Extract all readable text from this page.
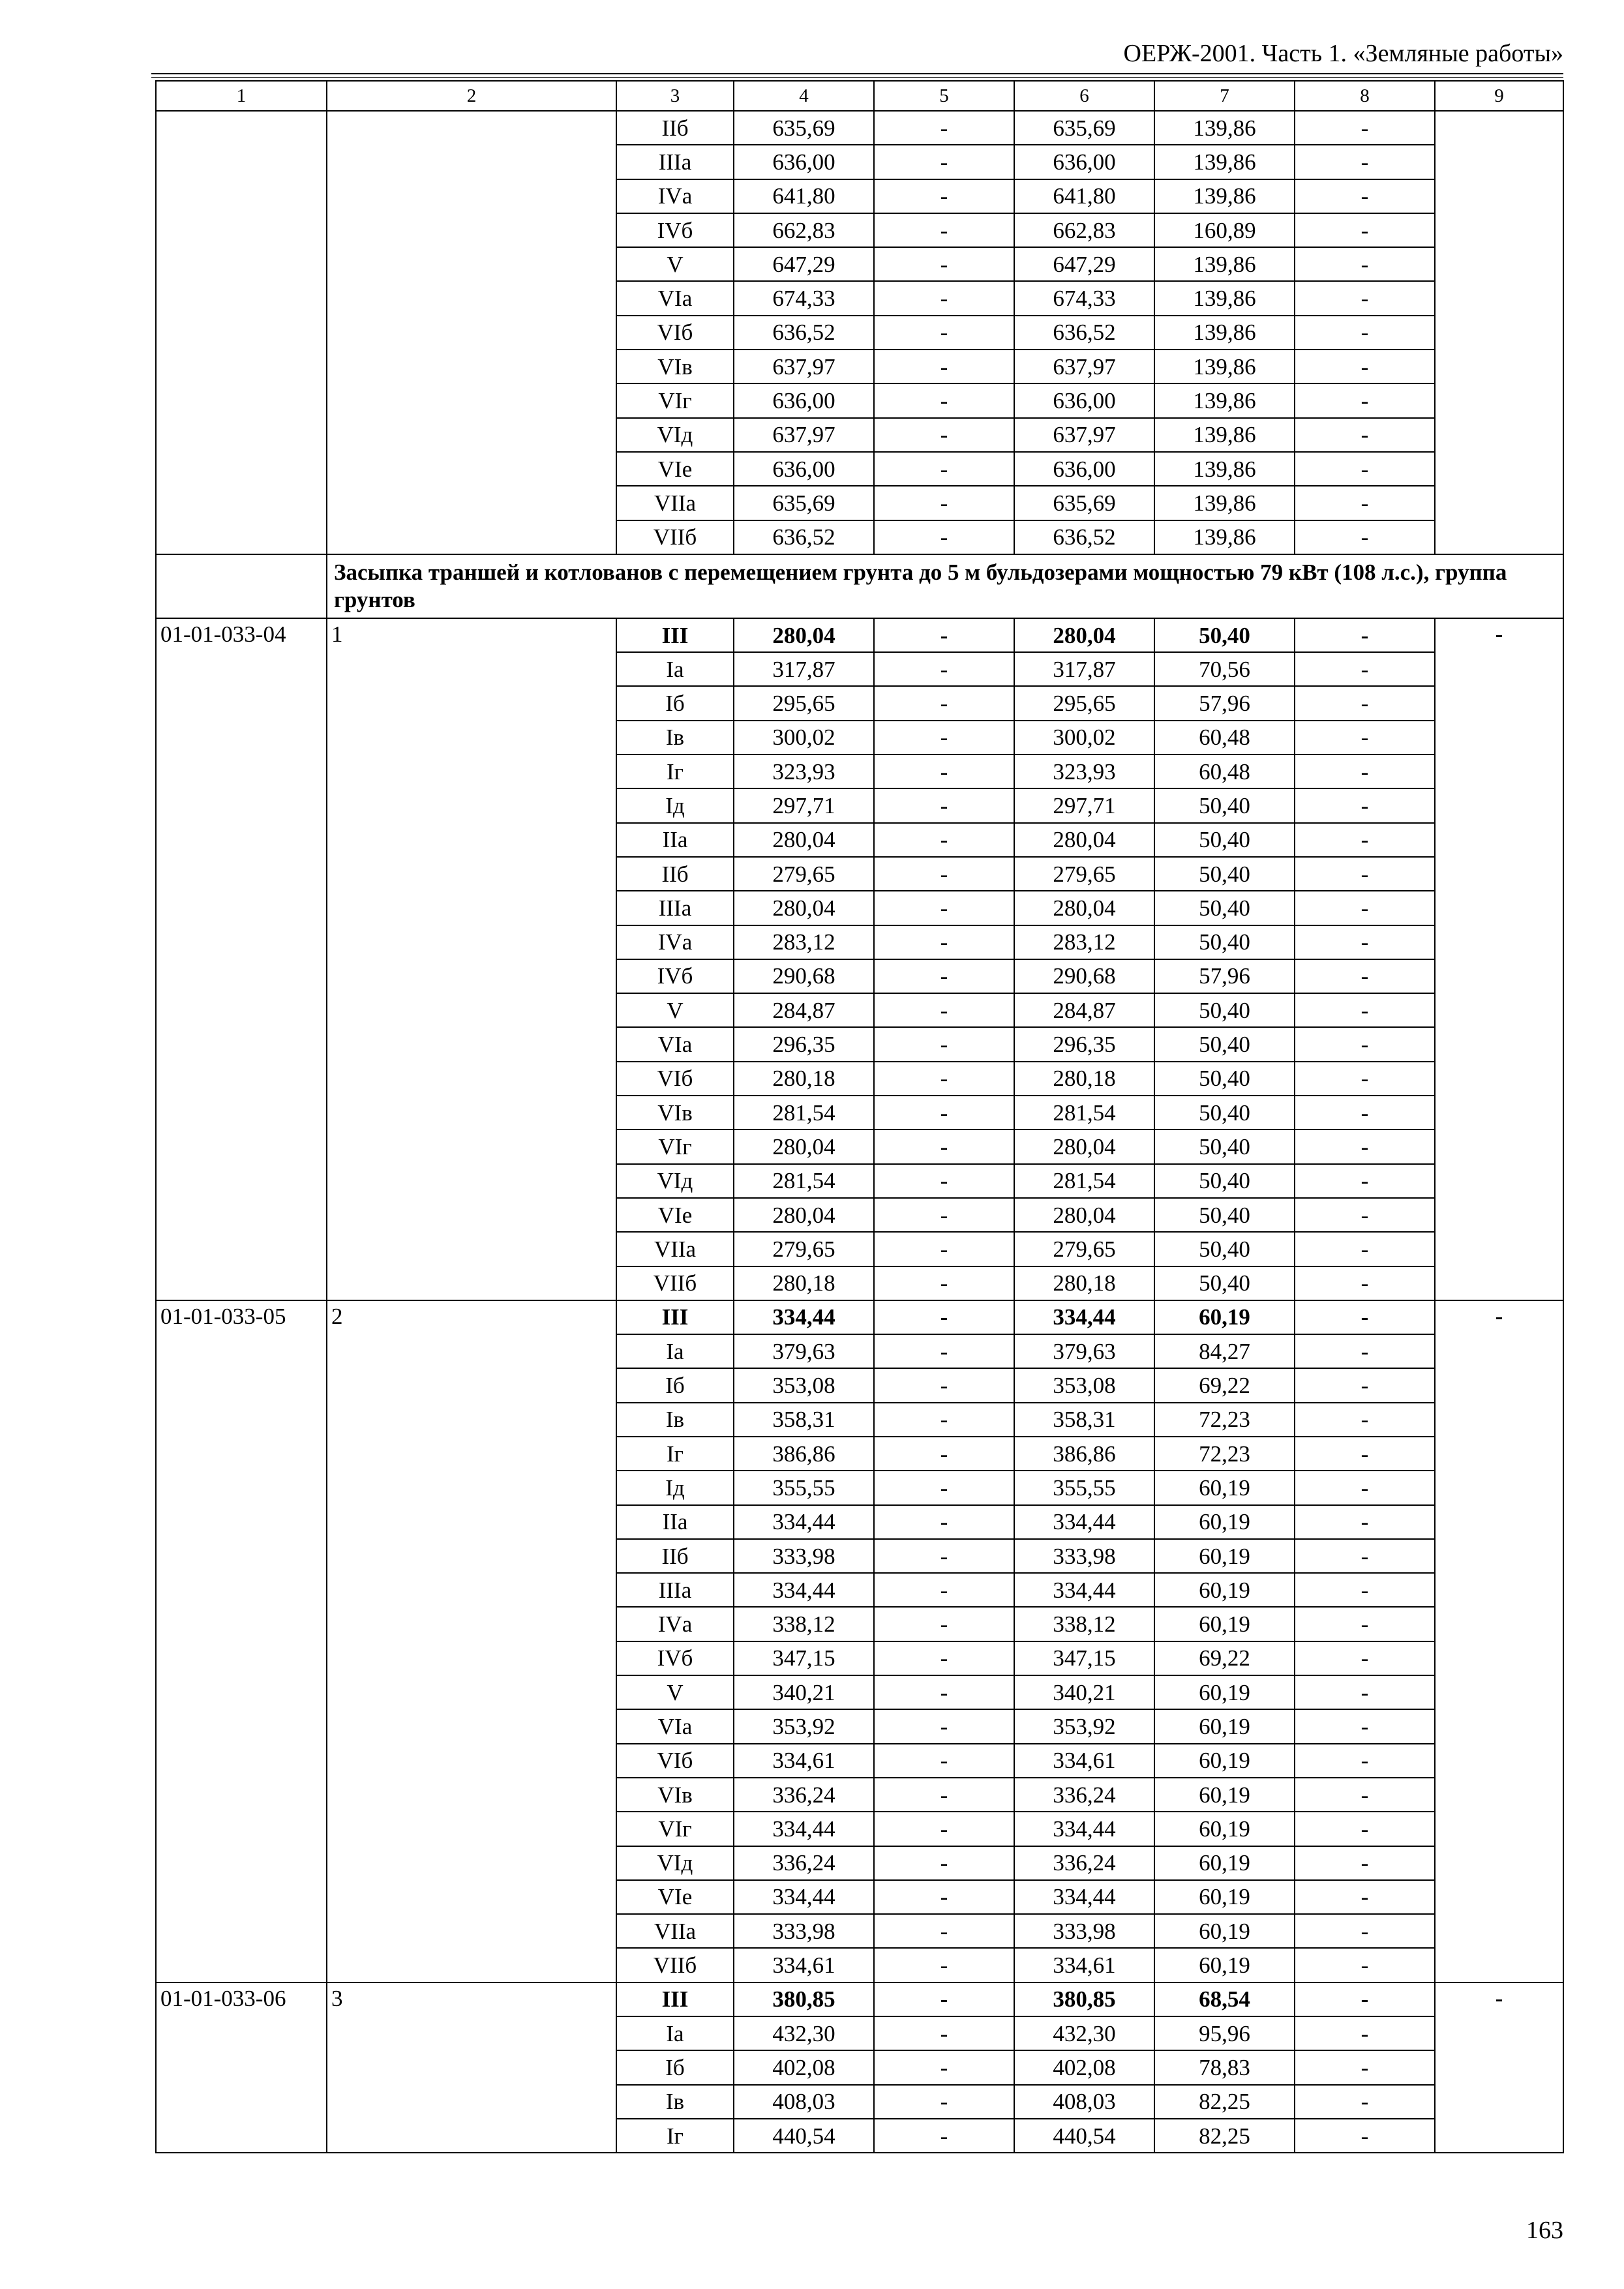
ОЕРЖ-2001. Часть 1. «Земляные работы»
1	2	3	4	5	6	7	8	9
		IIб	635,69	-	635,69	139,86	-	
		IIIа	636,00	-	636,00	139,86	-	
		IVа	641,80	-	641,80	139,86	-	
		IVб	662,83	-	662,83	160,89	-	
		V	647,29	-	647,29	139,86	-	
		VIа	674,33	-	674,33	139,86	-	
		VIб	636,52	-	636,52	139,86	-	
		VIв	637,97	-	637,97	139,86	-	
		VIг	636,00	-	636,00	139,86	-	
		VIд	637,97	-	637,97	139,86	-	
		VIе	636,00	-	636,00	139,86	-	
		VIIа	635,69	-	635,69	139,86	-	
		VIIб	636,52	-	636,52	139,86	-	
	Засыпка траншей и котлованов с перемещением грунта до 5 м бульдозерами мощностью 79 кВт (108 л.с.), группа грунтов							
01-01-033-04	1	III	280,04	-	280,04	50,40	-	-
		Iа	317,87	-	317,87	70,56	-	
		Iб	295,65	-	295,65	57,96	-	
		Iв	300,02	-	300,02	60,48	-	
		Iг	323,93	-	323,93	60,48	-	
		Iд	297,71	-	297,71	50,40	-	
		IIа	280,04	-	280,04	50,40	-	
		IIб	279,65	-	279,65	50,40	-	
		IIIа	280,04	-	280,04	50,40	-	
		IVа	283,12	-	283,12	50,40	-	
		IVб	290,68	-	290,68	57,96	-	
		V	284,87	-	284,87	50,40	-	
		VIа	296,35	-	296,35	50,40	-	
		VIб	280,18	-	280,18	50,40	-	
		VIв	281,54	-	281,54	50,40	-	
		VIг	280,04	-	280,04	50,40	-	
		VIд	281,54	-	281,54	50,40	-	
		VIе	280,04	-	280,04	50,40	-	
		VIIа	279,65	-	279,65	50,40	-	
		VIIб	280,18	-	280,18	50,40	-	
01-01-033-05	2	III	334,44	-	334,44	60,19	-	-
		Iа	379,63	-	379,63	84,27	-	
		Iб	353,08	-	353,08	69,22	-	
		Iв	358,31	-	358,31	72,23	-	
		Iг	386,86	-	386,86	72,23	-	
		Iд	355,55	-	355,55	60,19	-	
		IIа	334,44	-	334,44	60,19	-	
		IIб	333,98	-	333,98	60,19	-	
		IIIа	334,44	-	334,44	60,19	-	
		IVа	338,12	-	338,12	60,19	-	
		IVб	347,15	-	347,15	69,22	-	
		V	340,21	-	340,21	60,19	-	
		VIа	353,92	-	353,92	60,19	-	
		VIб	334,61	-	334,61	60,19	-	
		VIв	336,24	-	336,24	60,19	-	
		VIг	334,44	-	334,44	60,19	-	
		VIд	336,24	-	336,24	60,19	-	
		VIе	334,44	-	334,44	60,19	-	
		VIIа	333,98	-	333,98	60,19	-	
		VIIб	334,61	-	334,61	60,19	-	
01-01-033-06	3	III	380,85	-	380,85	68,54	-	-
		Iа	432,30	-	432,30	95,96	-	
		Iб	402,08	-	402,08	78,83	-	
		Iв	408,03	-	408,03	82,25	-	
		Iг	440,54	-	440,54	82,25	-	
163
